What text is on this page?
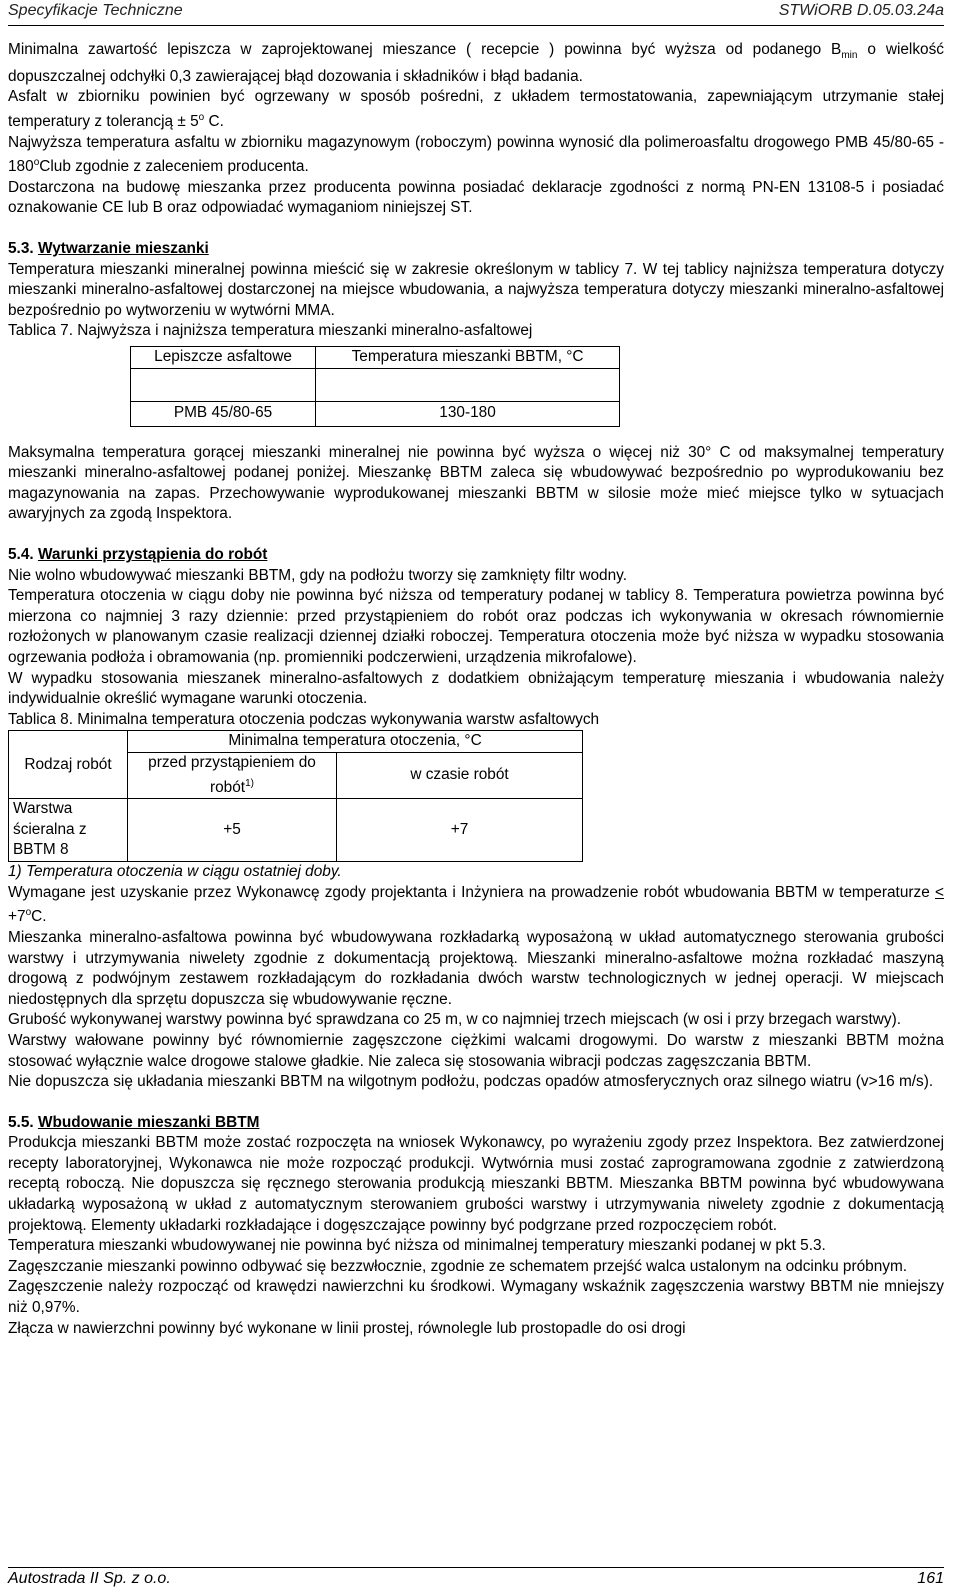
Specyfikacje Techniczne	STWiORB D.05.03.24a
Minimalna zawartość lepiszcza w zaprojektowanej mieszance ( recepcie ) powinna być wyższa od podanego $B_{min}$ o wielkość dopuszczalnej odchyłki 0,3 zawierającej błąd dozowania i składników i błąd badania.
Asfalt w zbiorniku powinien być ogrzewany w sposób pośredni, z układem termostatowania, zapewniającym utrzymanie stałej temperatury z tolerancją ± $5^o$ C.
Najwyższa temperatura asfaltu w zbiorniku magazynowym (roboczym) powinna wynosić dla polimeroasfaltu drogowego PMB 45/80-65 - 180$^o$Club zgodnie z zaleceniem producenta.
Dostarczona na budowę mieszanka przez producenta powinna posiadać deklaracje zgodności z normą PN-EN 13108-5 i posiadać oznakowanie CE lub B oraz odpowiadać wymaganiom niniejszej ST.
5.3. Wytwarzanie mieszanki
Temperatura mieszanki mineralnej powinna mieścić się w zakresie określonym w tablicy 7. W tej tablicy najniższa temperatura dotyczy mieszanki mineralno-asfaltowej dostarczonej na miejsce wbudowania, a najwyższa temperatura dotyczy mieszanki mineralno-asfaltowej bezpośrednio po wytworzeniu w wytwórni MMA.
Tablica 7. Najwyższa i najniższa temperatura mieszanki mineralno-asfaltowej
Lepiszcze asfaltowe	Temperatura mieszanki BBTM, °C

PMB 45/80-65	130-180
Maksymalna temperatura gorącej mieszanki mineralnej nie powinna być wyższa o więcej niż 30° C od maksymalnej temperatury mieszanki mineralno-asfaltowej podanej poniżej. Mieszankę BBTM zaleca się wbudowywać bezpośrednio po wyprodukowaniu bez magazynowania na zapas. Przechowywanie wyprodukowanej mieszanki BBTM w silosie może mieć miejsce tylko w sytuacjach awaryjnych za zgodą Inspektora.
5.4. Warunki przystąpienia do robót
Nie wolno wbudowywać mieszanki BBTM, gdy na podłożu tworzy się zamknięty filtr wodny.
Temperatura otoczenia w ciągu doby nie powinna być niższa od temperatury podanej w tablicy 8. Temperatura powietrza powinna być mierzona co najmniej 3 razy dziennie: przed przystąpieniem do robót oraz podczas ich wykonywania w okresach równomiernie rozłożonych w planowanym czasie realizacji dziennej działki roboczej. Temperatura otoczenia może być niższa w wypadku stosowania ogrzewania podłoża i obramowania (np. promienniki podczerwieni, urządzenia mikrofalowe).
W wypadku stosowania mieszanek mineralno-asfaltowych z dodatkiem obniżającym temperaturę mieszania i wbudowania należy indywidualnie określić wymagane warunki otoczenia.
Tablica 8. Minimalna temperatura otoczenia podczas wykonywania warstw asfaltowych
Rodzaj robót	Minimalna temperatura otoczenia, °C	
	przed przystąpieniem do robót$^{1)}$	w czasie robót
Warstwa ścieralna z BBTM 8	+5	+7
1) Temperatura otoczenia w ciągu ostatniej doby.
Wymagane jest uzyskanie przez Wykonawcę zgody projektanta i Inżyniera na prowadzenie robót wbudowania BBTM w temperaturze < $+7^oC$.
Mieszanka mineralno-asfaltowa powinna być wbudowywana rozkładarką wyposażoną w układ automatycznego sterowania grubości warstwy i utrzymywania niwelety zgodnie z dokumentacją projektową. Mieszanki mineralno-asfaltowe można rozkładać maszyną drogową z podwójnym zestawem rozkładającym do rozkładania dwóch warstw technologicznych w jednej operacji. W miejscach niedostępnych dla sprzętu dopuszcza się wbudowywanie ręczne.
Grubość wykonywanej warstwy powinna być sprawdzana co 25 m, w co najmniej trzech miejscach (w osi i przy brzegach warstwy).
Warstwy wałowane powinny być równomiernie zagęszczone ciężkimi walcami drogowymi. Do warstw z mieszanki BBTM można stosować wyłącznie walce drogowe stalowe gładkie. Nie zaleca się stosowania wibracji podczas zagęszczania BBTM.
Nie dopuszcza się układania mieszanki BBTM na wilgotnym podłożu, podczas opadów atmosferycznych oraz silnego wiatru (v>16 m/s).
5.5. Wbudowanie mieszanki BBTM
Produkcja mieszanki BBTM może zostać rozpoczęta na wniosek Wykonawcy, po wyrażeniu zgody przez Inspektora. Bez zatwierdzonej recepty laboratoryjnej, Wykonawca nie może rozpocząć produkcji. Wytwórnia musi zostać zaprogramowana zgodnie z zatwierdzoną receptą roboczą. Nie dopuszcza się ręcznego sterowania produkcją mieszanki BBTM. Mieszanka BBTM powinna być wbudowywana układarką wyposażoną w układ z automatycznym sterowaniem grubości warstwy i utrzymywania niwelety zgodnie z dokumentacją projektową. Elementy układarki rozkładające i dogęszczające powinny być podgrzane przed rozpoczęciem robót.
Temperatura mieszanki wbudowywanej nie powinna być niższa od minimalnej temperatury mieszanki podanej w pkt 5.3.
Zagęszczanie mieszanki powinno odbywać się bezzwłocznie, zgodnie ze schematem przejść walca ustalonym na odcinku próbnym.
Zagęszczenie należy rozpocząć od krawędzi nawierzchni ku środkowi. Wymagany wskaźnik zagęszczenia warstwy BBTM nie mniejszy niż 0,97%.
Złącza w nawierzchni powinny być wykonane w linii prostej, równolegle lub prostopadle do osi drogi
Autostrada II Sp. z o.o.	161
